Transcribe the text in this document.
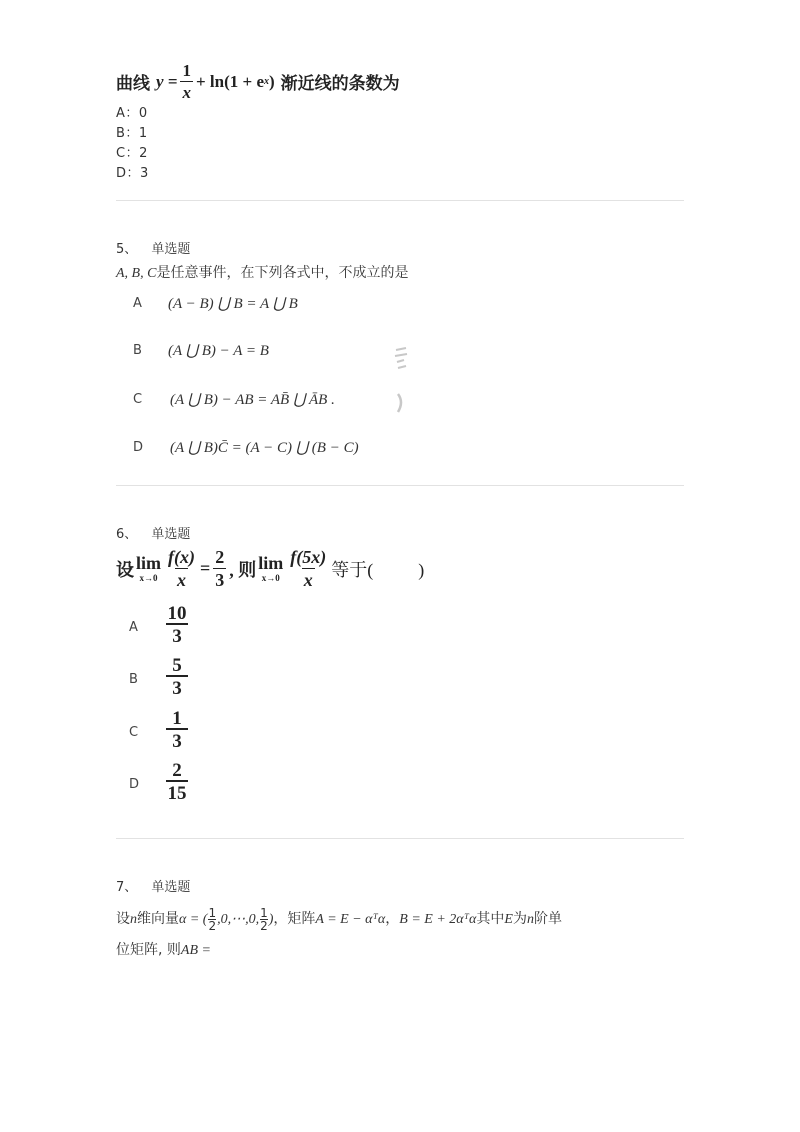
曲线 $y = \frac{1}{x} + \ln(1 + e$ x ) 渐近线的条数为
A：0
B：1
C：2
D：3
5、 单选题
A, B, C是任意事件，在下列各式中，不成立的是
A (A − B) ⋃ B = A ⋃ B
B (A ⋃ B) − A = B
C (A ⋃ B) − AB = AB̄ ⋃ ĀB .
D (A ⋃ B)C̄ = (A − C) ⋃ (B − C)
6、 单选题
设 lim
$x\to 0 \frac{f(x)}{x} = \frac{2}{3}$ , 则 lim
$x\to 0 \frac{f(5x)}{x}$ 等于(          )
A $\frac{10}{3}$
B $\frac{5}{3}$
C $\frac{1}{3}$
D $\frac{2}{15}$
7、 单选题
设n维向量α = ( $\frac{1}{2}$ ,0,⋯,0, $\frac{1}{2}$ )，矩阵A = E − αᵀα，B = E + 2αᵀα其中E为n阶单
位矩阵, 则AB =
